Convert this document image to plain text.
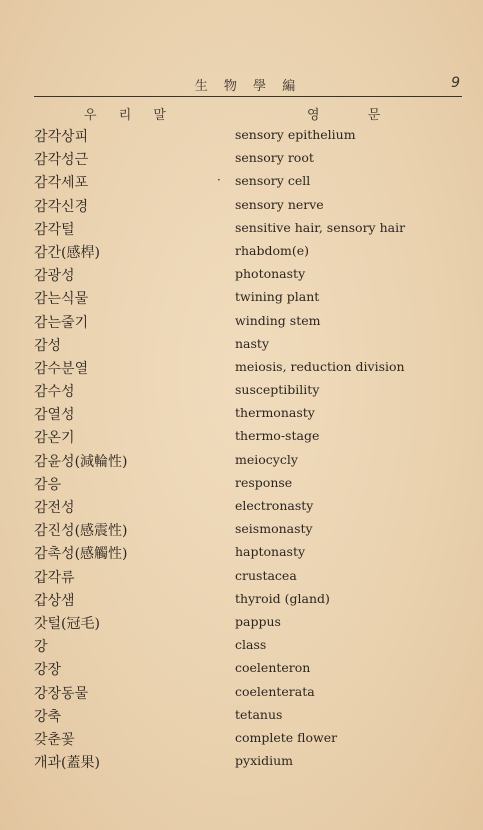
生 物 學 編	9
우 리 말	영 문
감각상피	sensory epithelium
감각성근	sensory root
감각세포	· sensory cell
감각신경	sensory nerve
감각털	sensitive hair, sensory hair
감간(感桿)	rhabdom(e)
감광성	photonasty
감는식물	twining plant
감는줄기	winding stem
감성	nasty
감수분열	meiosis, reduction division
감수성	susceptibility
감열성	thermonasty
감온기	thermo-stage
감윤성(減輪性)	meiocycly
감응	response
감전성	electronasty
감진성(感震性)	seismonasty
감촉성(感觸性)	haptonasty
갑각류	crustacea
갑상샘	thyroid (gland)
갓털(冠毛)	pappus
강	class
강장	coelenteron
강장동물	coelenterata
강축	tetanus
갖춘꽃	complete flower
개과(蓋果)	pyxidium
